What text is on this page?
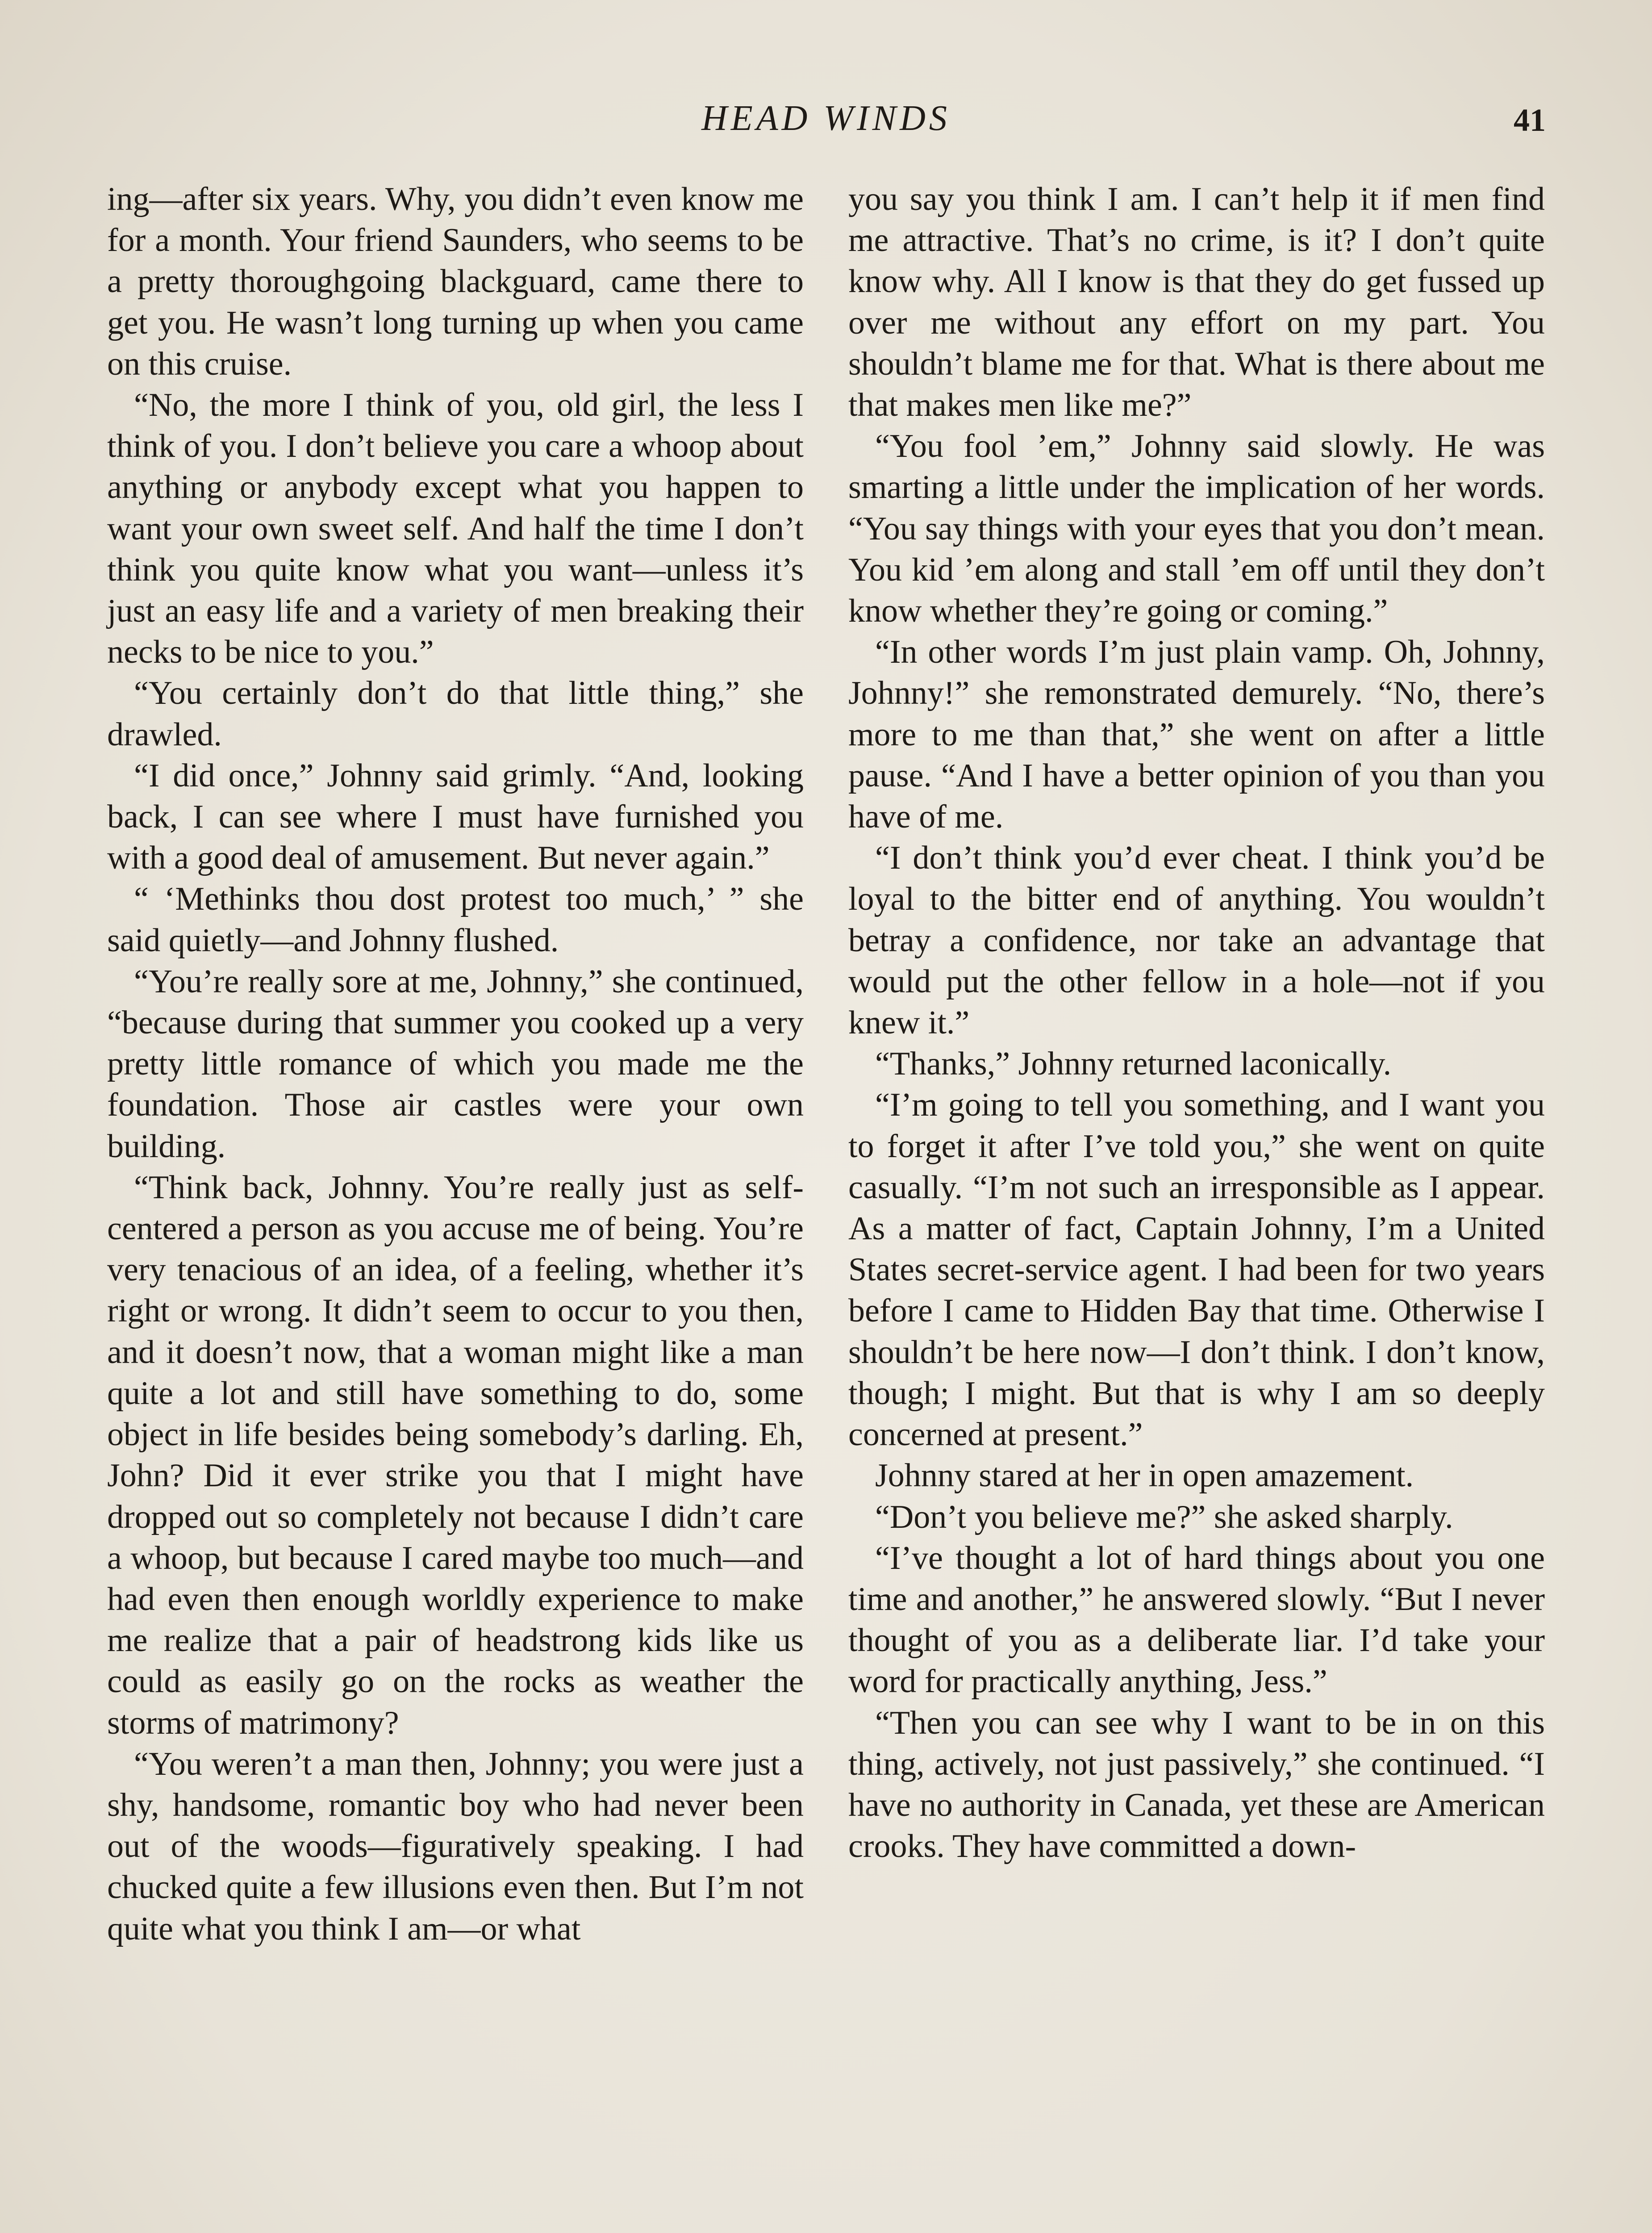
HEAD WINDS	41

ing—after six years. Why, you didn’t even know me for a month. Your friend Saunders, who seems to be a pretty thoroughgoing blackguard, came there to get you. He wasn’t long turning up when you came on this cruise.

“No, the more I think of you, old girl, the less I think of you. I don’t believe you care a whoop about anything or anybody except what you happen to want your own sweet self. And half the time I don’t think you quite know what you want—unless it’s just an easy life and a variety of men breaking their necks to be nice to you.”

“You certainly don’t do that little thing,” she drawled.

“I did once,” Johnny said grimly. “And, looking back, I can see where I must have furnished you with a good deal of amusement. But never again.”

“ ‘Methinks thou dost protest too much,’ ” she said quietly—and Johnny flushed.

“You’re really sore at me, Johnny,” she continued, “because during that summer you cooked up a very pretty little romance of which you made me the foundation. Those air castles were your own building.

“Think back, Johnny. You’re really just as self-centered a person as you accuse me of being. You’re very tenacious of an idea, of a feeling, whether it’s right or wrong. It didn’t seem to occur to you then, and it doesn’t now, that a woman might like a man quite a lot and still have something to do, some object in life besides being somebody’s darling. Eh, John? Did it ever strike you that I might have dropped out so completely not because I didn’t care a whoop, but because I cared maybe too much—and had even then enough worldly experience to make me realize that a pair of headstrong kids like us could as easily go on the rocks as weather the storms of matrimony?

“You weren’t a man then, Johnny; you were just a shy, handsome, romantic boy who had never been out of the woods—figuratively speaking. I had chucked quite a few illusions even then. But I’m not quite what you think I am—or what

you say you think I am. I can’t help it if men find me attractive. That’s no crime, is it? I don’t quite know why. All I know is that they do get fussed up over me without any effort on my part. You shouldn’t blame me for that. What is there about me that makes men like me?”

“You fool ’em,” Johnny said slowly. He was smarting a little under the implication of her words. “You say things with your eyes that you don’t mean. You kid ’em along and stall ’em off until they don’t know whether they’re going or coming.”

“In other words I’m just plain vamp. Oh, Johnny, Johnny!” she remonstrated demurely. “No, there’s more to me than that,” she went on after a little pause. “And I have a better opinion of you than you have of me.

“I don’t think you’d ever cheat. I think you’d be loyal to the bitter end of anything. You wouldn’t betray a confidence, nor take an advantage that would put the other fellow in a hole—not if you knew it.”

“Thanks,” Johnny returned laconically.

“I’m going to tell you something, and I want you to forget it after I’ve told you,” she went on quite casually. “I’m not such an irresponsible as I appear. As a matter of fact, Captain Johnny, I’m a United States secret-service agent. I had been for two years before I came to Hidden Bay that time. Otherwise I shouldn’t be here now—I don’t think. I don’t know, though; I might. But that is why I am so deeply concerned at present.”

Johnny stared at her in open amazement.

“Don’t you believe me?” she asked sharply.

“I’ve thought a lot of hard things about you one time and another,” he answered slowly. “But I never thought of you as a deliberate liar. I’d take your word for practically anything, Jess.”

“Then you can see why I want to be in on this thing, actively, not just passively,” she continued. “I have no authority in Canada, yet these are American crooks. They have committed a down-
